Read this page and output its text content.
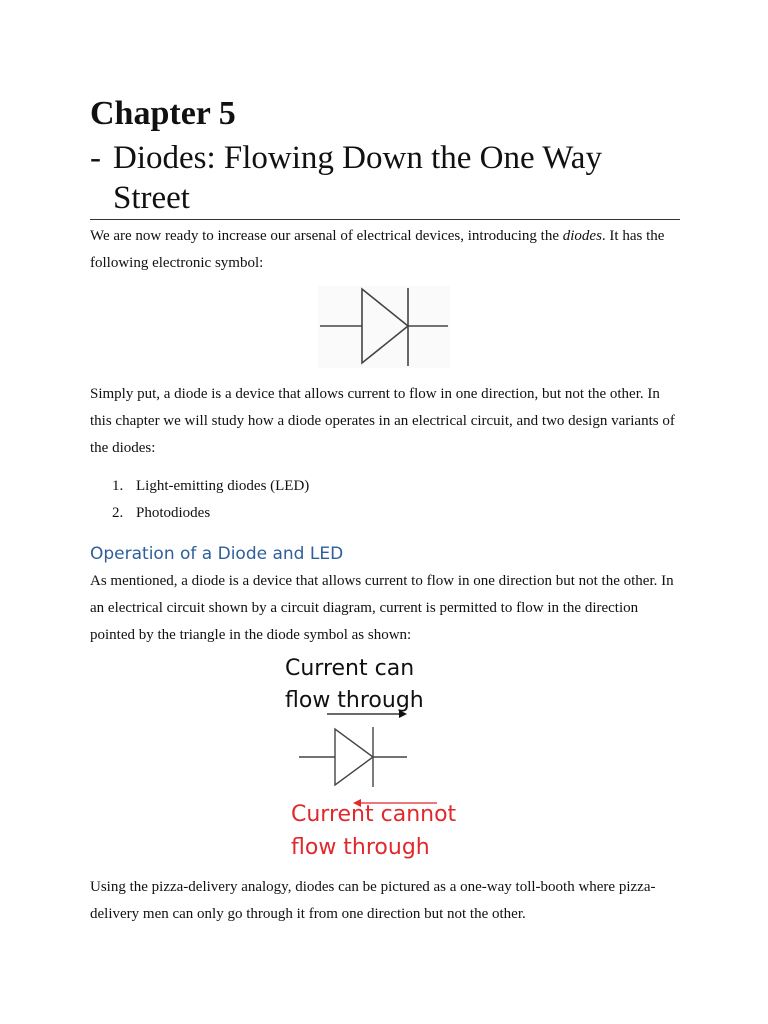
Chapter 5
- Diodes: Flowing Down the One Way Street

We are now ready to increase our arsenal of electrical devices, introducing the diodes. It has the following electronic symbol:

Simply put, a diode is a device that allows current to flow in one direction, but not the other. In this chapter we will study how a diode operates in an electrical circuit, and two design variants of the diodes:

1. Light-emitting diodes (LED)
2. Photodiodes
Operation of a Diode and LED

As mentioned, a diode is a device that allows current to flow in one direction but not the other. In an electrical circuit shown by a circuit diagram, current is permitted to flow in the direction pointed by the triangle in the diode symbol as shown:

Current can
flow through
Current cannot
flow through

Using the pizza-delivery analogy, diodes can be pictured as a one-way toll-booth where pizza-delivery men can only go through it from one direction but not the other.
